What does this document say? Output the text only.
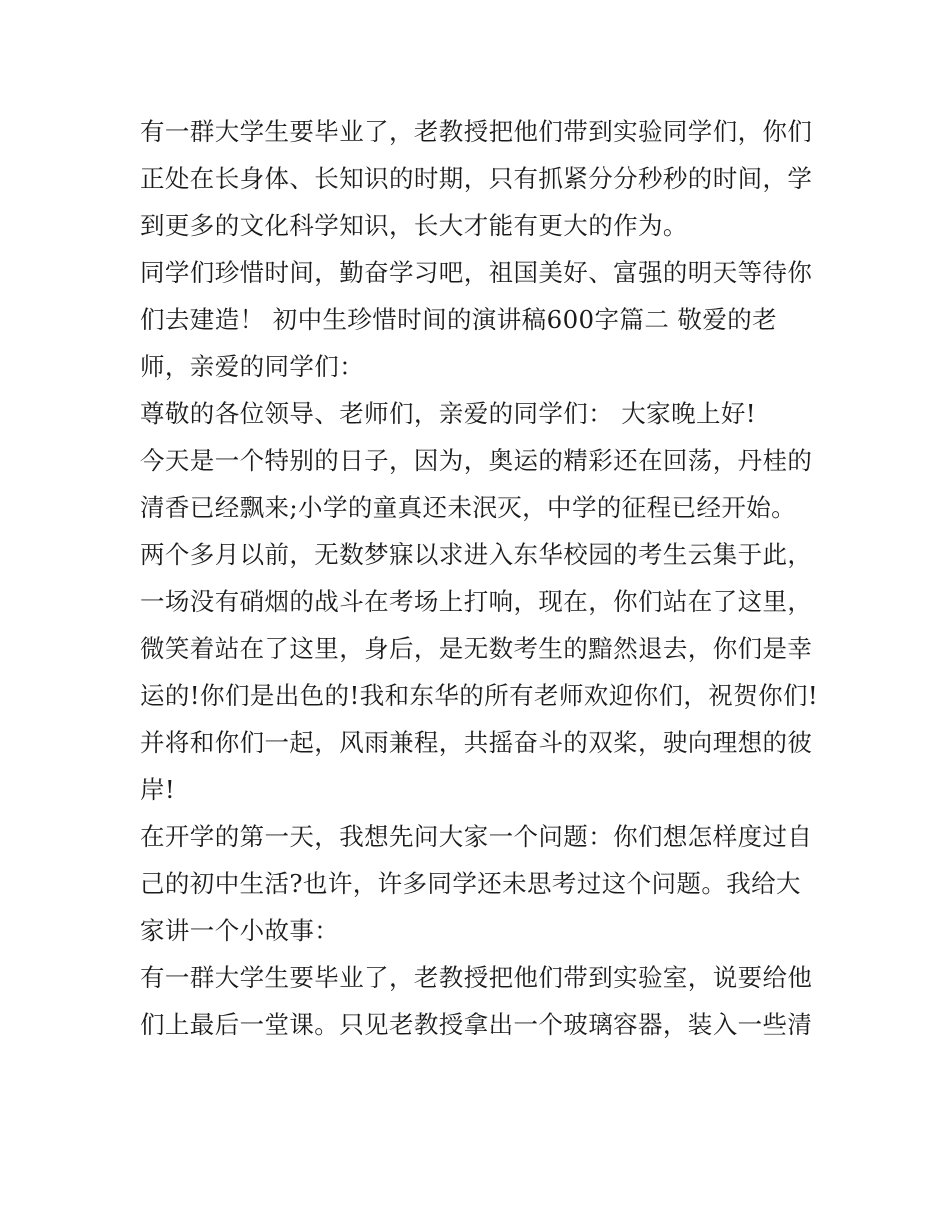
有一群大学生要毕业了，老教授把他们带到实验同学们，你们
正处在长身体、长知识的时期，只有抓紧分分秒秒的时间，学
到更多的文化科学知识，长大才能有更大的作为。
同学们珍惜时间，勤奋学习吧，祖国美好、富强的明天等待你
们去建造！ 初中生珍惜时间的演讲稿600字篇二 敬爱的老
师，亲爱的同学们：
尊敬的各位领导、老师们，亲爱的同学们： 大家晚上好!
今天是一个特别的日子，因为，奥运的精彩还在回荡，丹桂的
清香已经飘来;小学的童真还未泯灭，中学的征程已经开始。
两个多月以前，无数梦寐以求进入东华校园的考生云集于此，
一场没有硝烟的战斗在考场上打响，现在，你们站在了这里，
微笑着站在了这里，身后，是无数考生的黯然退去，你们是幸
运的!你们是出色的!我和东华的所有老师欢迎你们，祝贺你们!
并将和你们一起，风雨兼程，共摇奋斗的双桨，驶向理想的彼
岸!
在开学的第一天，我想先问大家一个问题：你们想怎样度过自
己的初中生活?也许，许多同学还未思考过这个问题。我给大
家讲一个小故事：
有一群大学生要毕业了，老教授把他们带到实验室，说要给他
们上最后一堂课。只见老教授拿出一个玻璃容器，装入一些清
